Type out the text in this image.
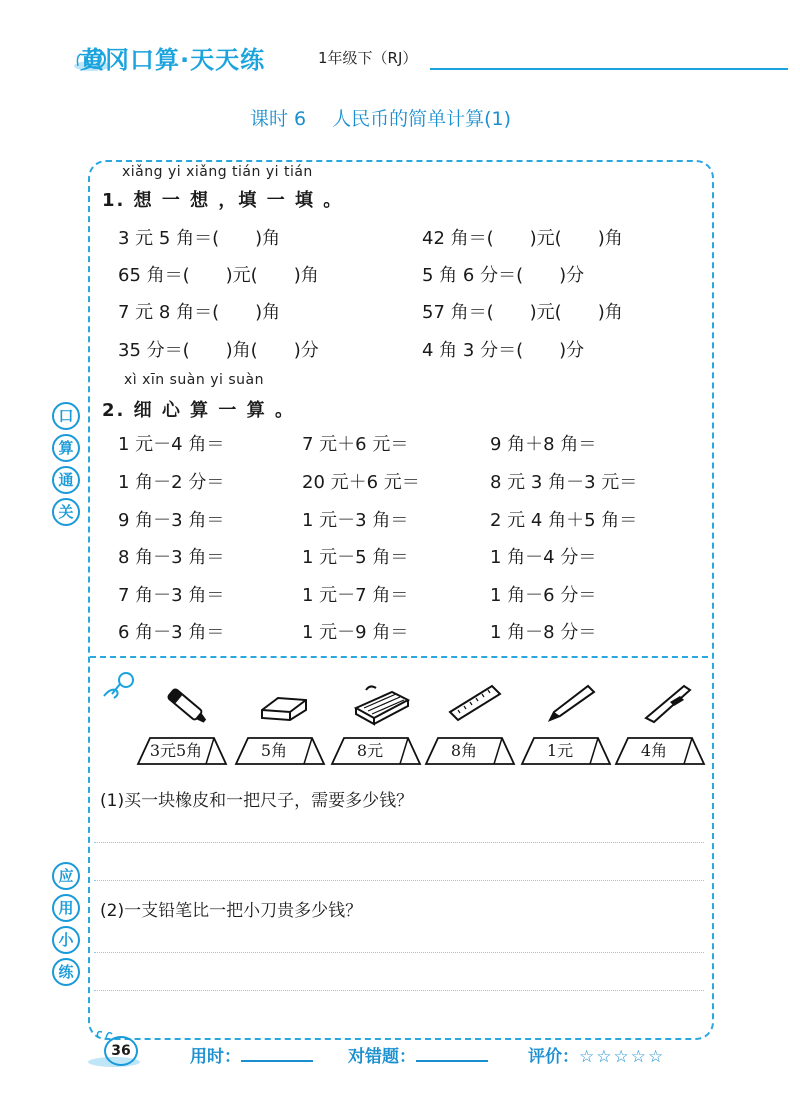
黄冈口算·天天练	1年级下（RJ）
课时 6 人民币的简单计算(1)
口
算
通
关
应
用
小
练
xiǎng yi xiǎng tián yi tián
1. 想 一 想 ，填 一 填 。
3 元 5 角＝(　　)角	42 角＝(　　)元(　　)角
65 角＝(　　)元(　　)角	5 角 6 分＝(　　)分
7 元 8 角＝(　　)角	57 角＝(　　)元(　　)角
35 分＝(　　)角(　　)分	4 角 3 分＝(　　)分
xì xīn suàn yi suàn
2. 细 心 算 一 算 。
1 元－4 角＝	7 元＋6 元＝	9 角＋8 角＝
1 角－2 分＝	20 元＋6 元＝	8 元 3 角－3 元＝
9 角－3 角＝	1 元－3 角＝	2 元 4 角＋5 角＝
8 角－3 角＝	1 元－5 角＝	1 角－4 分＝
7 角－3 角＝	1 元－7 角＝	1 角－6 分＝
6 角－3 角＝	1 元－9 角＝	1 角－8 分＝
3元5角	5角	8元	8角	1元	4角
(1)买一块橡皮和一把尺子，需要多少钱？
(2)一支铅笔比一把小刀贵多少钱？
36	用时：	对错题：	评价：☆☆☆☆☆
